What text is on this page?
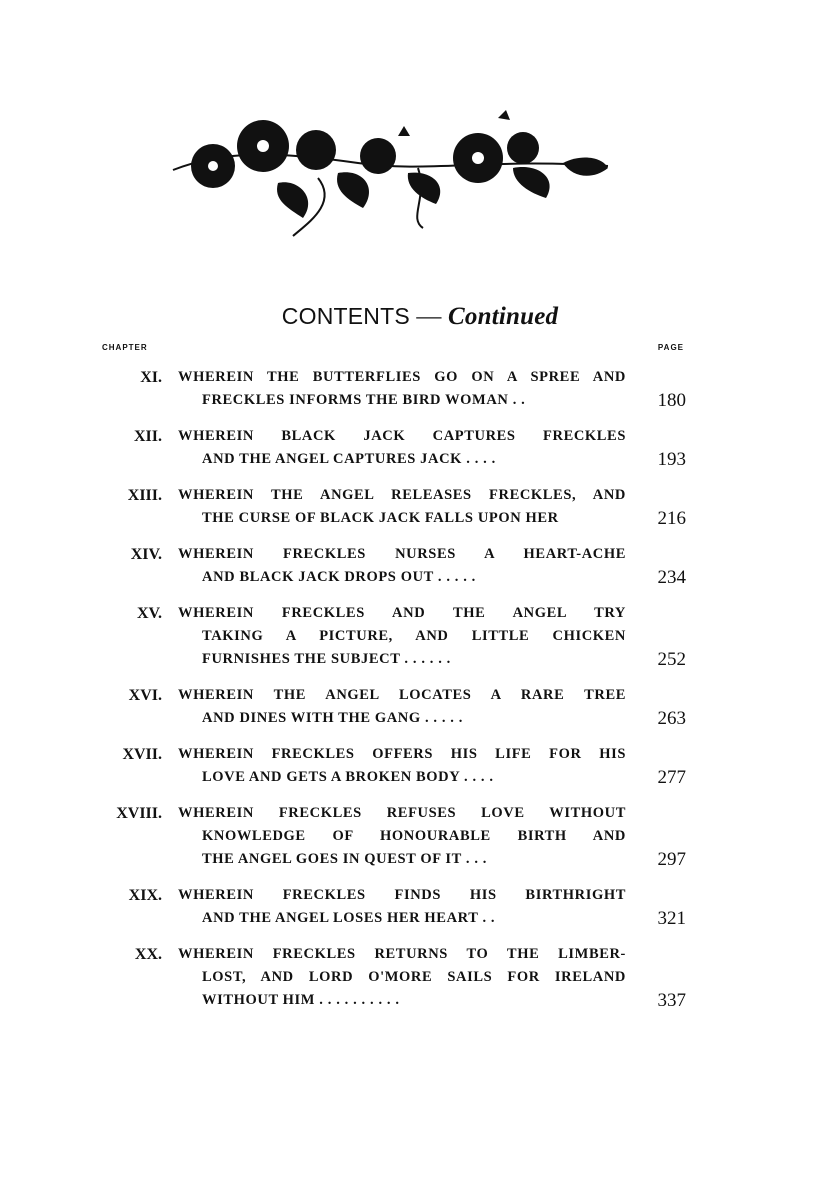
CONTENTS — Continued
CHAPTER	PAGE
XI. WHEREIN THE BUTTERFLIES GO ON A SPREE AND
FRECKLES INFORMS THE BIRD WOMAN . .	180
XII. WHEREIN BLACK JACK CAPTURES FRECKLES
AND THE ANGEL CAPTURES JACK . . . .	193
XIII. WHEREIN THE ANGEL RELEASES FRECKLES, AND
THE CURSE OF BLACK JACK FALLS UPON HER	216
XIV. WHEREIN FRECKLES NURSES A HEART-ACHE
AND BLACK JACK DROPS OUT . . . . .	234
XV. WHEREIN FRECKLES AND THE ANGEL TRY
TAKING A PICTURE, AND LITTLE CHICKEN
FURNISHES THE SUBJECT . . . . . .	252
XVI. WHEREIN THE ANGEL LOCATES A RARE TREE
AND DINES WITH THE GANG . . . . .	263
XVII. WHEREIN FRECKLES OFFERS HIS LIFE FOR HIS
LOVE AND GETS A BROKEN BODY . . . .	277
XVIII. WHEREIN FRECKLES REFUSES LOVE WITHOUT
KNOWLEDGE OF HONOURABLE BIRTH AND
THE ANGEL GOES IN QUEST OF IT . . .	297
XIX. WHEREIN FRECKLES FINDS HIS BIRTHRIGHT
AND THE ANGEL LOSES HER HEART . .	321
XX. WHEREIN FRECKLES RETURNS TO THE LIMBER-
LOST, AND LORD O'MORE SAILS FOR IRELAND
WITHOUT HIM . . . . . . . . . .	337
